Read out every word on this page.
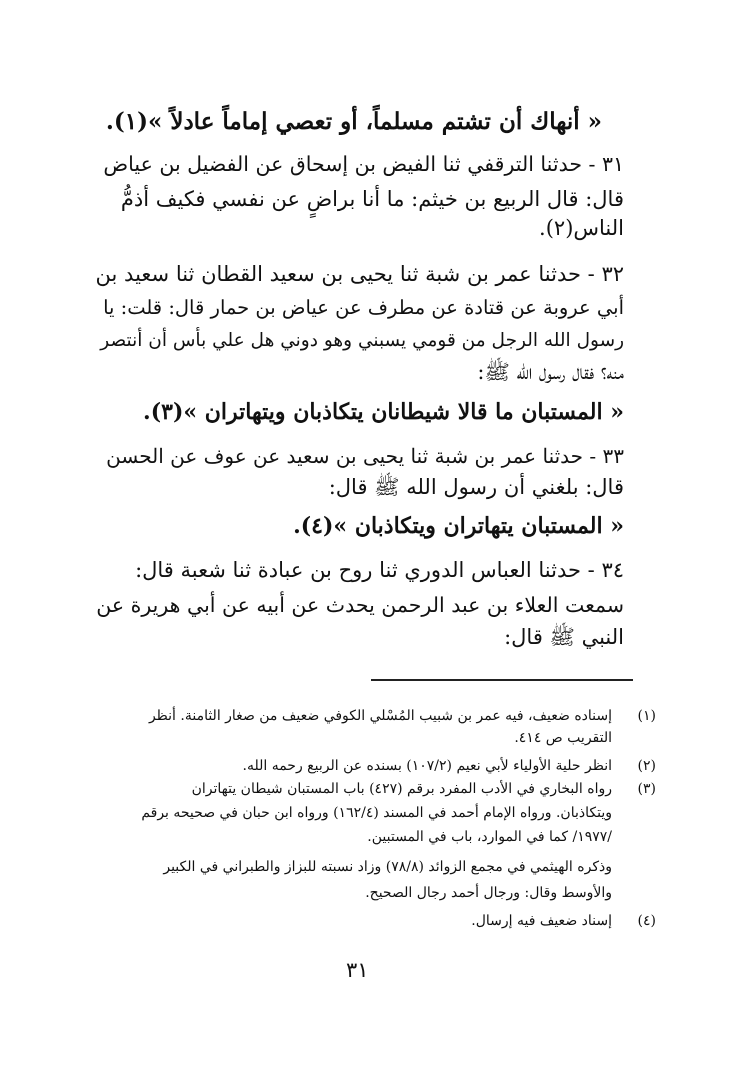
« أنهاك أن تشتم مسلماً، أو تعصي إماماً عادلاً »(١).
٣١ - حدثنا الترقفي ثنا الفيض بن إسحاق عن الفضيل بن عياض
قال: قال الربيع بن خيثم: ما أنا براضٍ عن نفسي فكيف أذمُّ
الناس(٢).
٣٢ - حدثنا عمر بن شبة ثنا يحيى بن سعيد القطان ثنا سعيد بن
أبي عروبة عن قتادة عن مطرف عن عياض بن حمار قال: قلت: يا
رسول الله الرجل من قومي يسبني وهو دوني هل علي بأس أن أنتصر
منه؟ فقال رسول الله ﷺ:
« المستبان ما قالا شيطانان يتكاذبان ويتهاتران »(٣).
٣٣ - حدثنا عمر بن شبة ثنا يحيى بن سعيد عن عوف عن الحسن
قال: بلغني أن رسول الله ﷺ قال:
« المستبان يتهاتران ويتكاذبان »(٤).
٣٤ - حدثنا العباس الدوري ثنا روح بن عبادة ثنا شعبة قال:
سمعت العلاء بن عبد الرحمن يحدث عن أبيه عن أبي هريرة عن
النبي ﷺ قال:
(١)
إسناده ضعيف، فيه عمر بن شبيب المُسْلي الكوفي ضعيف من صغار الثامنة. أنظر
التقريب ص ٤١٤.
(٢)
انظر حلية الأولياء لأبي نعيم (١٠٧/٢) بسنده عن الربيع رحمه الله.
(٣)
رواه البخاري في الأدب المفرد برقم (٤٢٧) باب المستبان شيطان يتهاتران
ويتكاذبان. ورواه الإمام أحمد في المسند (١٦٢/٤) ورواه ابن حبان في صحيحه برقم
/١٩٧٧/ كما في الموارد، باب في المستبين.
وذكره الهيثمي في مجمع الزوائد (٧٨/٨) وزاد نسبته للبزاز والطبراني في الكبير
والأوسط وقال: ورجال أحمد رجال الصحيح.
(٤)
إسناد ضعيف فيه إرسال.
٣١
